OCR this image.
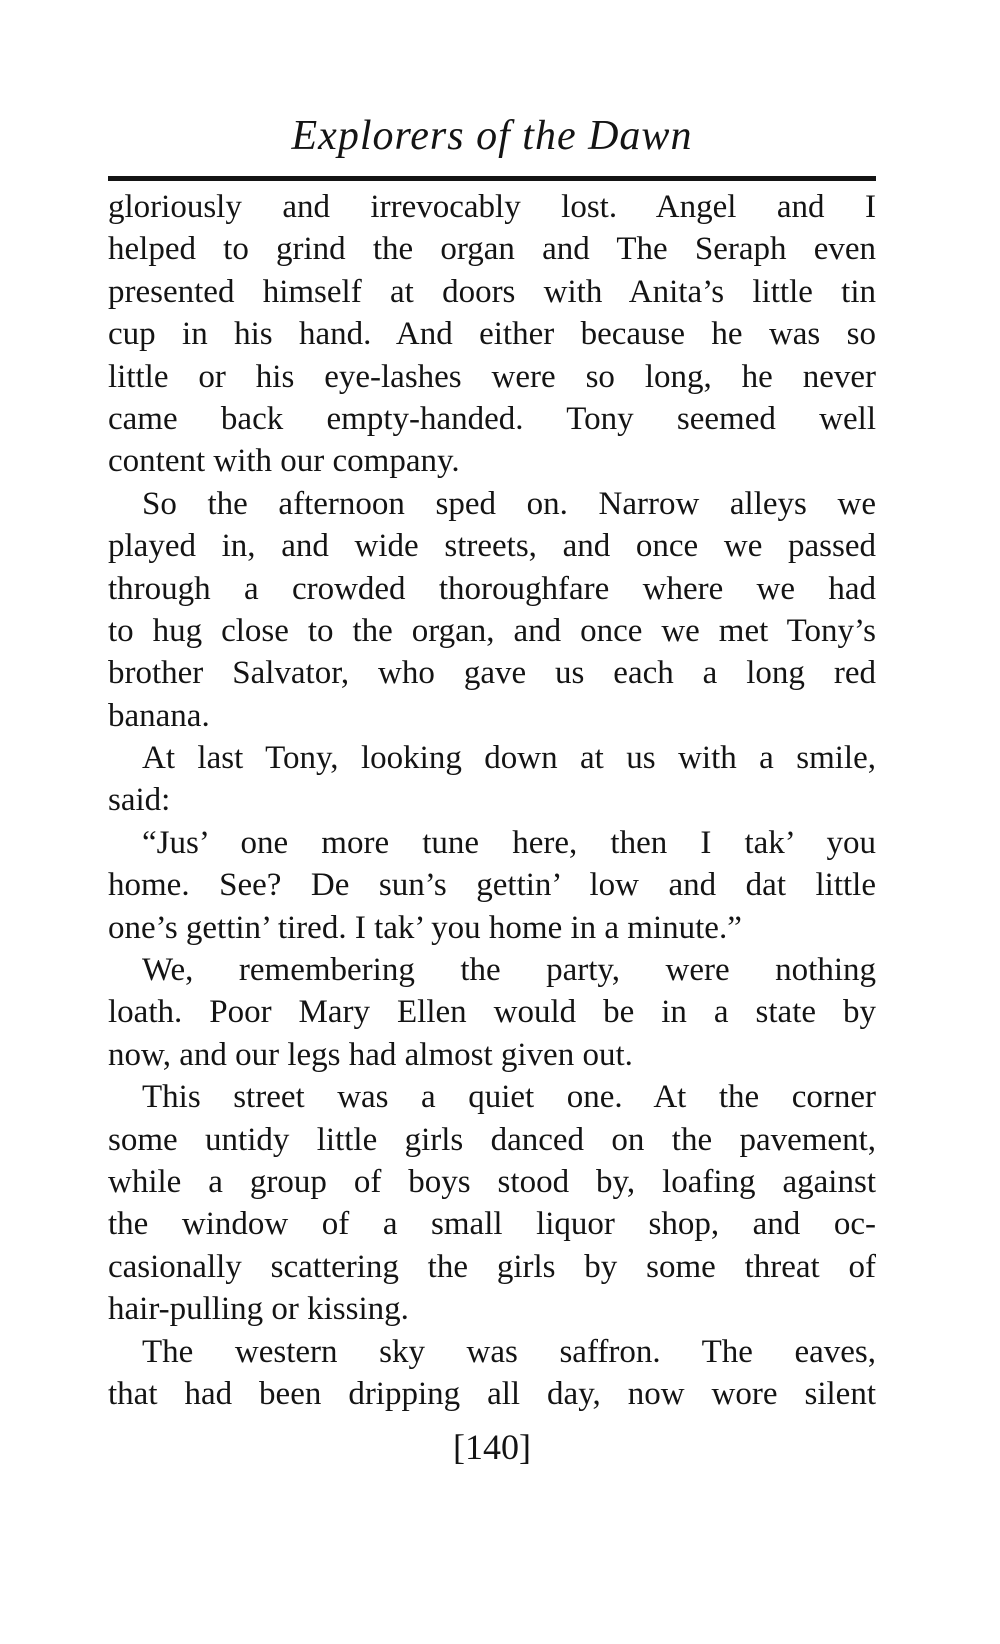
Explorers of the Dawn
gloriously and irrevocably lost. Angel and I
helped to grind the organ and The Seraph even
presented himself at doors with Anita’s little tin
cup in his hand. And either because he was so
little or his eye-lashes were so long, he never
came back empty-handed. Tony seemed well
content with our company.
So the afternoon sped on. Narrow alleys we
played in, and wide streets, and once we passed
through a crowded thoroughfare where we had
to hug close to the organ, and once we met Tony’s
brother Salvator, who gave us each a long red
banana.
At last Tony, looking down at us with a smile,
said:
“Jus’ one more tune here, then I tak’ you
home. See? De sun’s gettin’ low and dat little
one’s gettin’ tired. I tak’ you home in a minute.”
We, remembering the party, were nothing
loath. Poor Mary Ellen would be in a state by
now, and our legs had almost given out.
This street was a quiet one. At the corner
some untidy little girls danced on the pavement,
while a group of boys stood by, loafing against
the window of a small liquor shop, and oc-
casionally scattering the girls by some threat of
hair-pulling or kissing.
The western sky was saffron. The eaves,
that had been dripping all day, now wore silent
[140]
